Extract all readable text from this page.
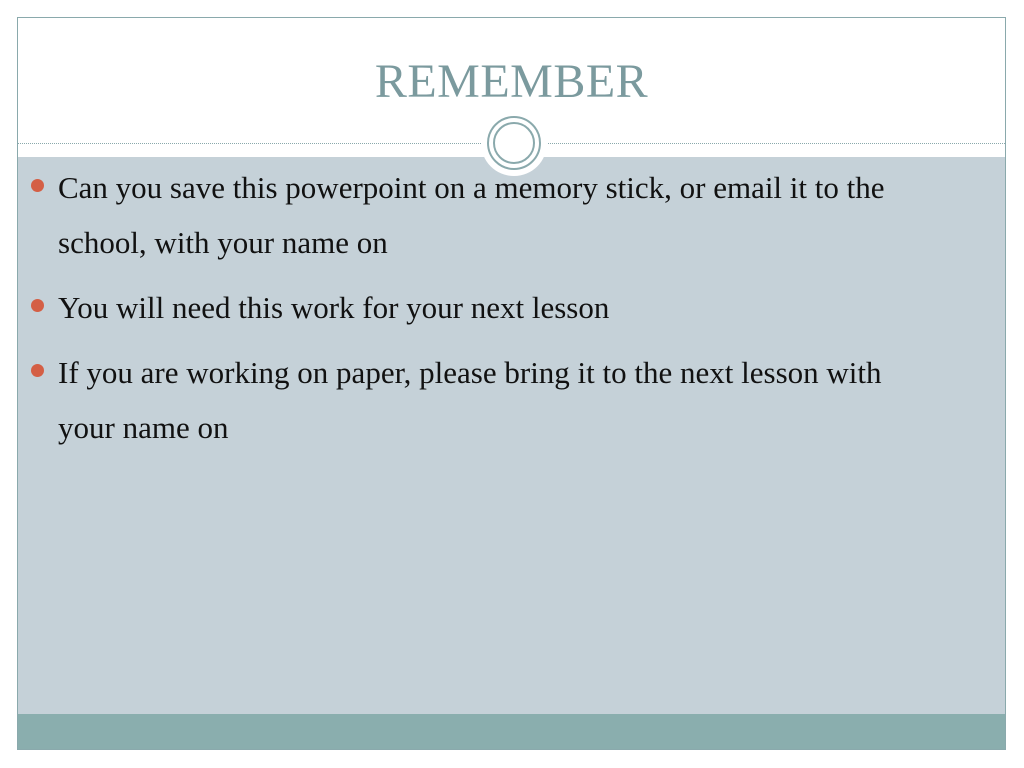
REMEMBER
Can you save this powerpoint on a memory stick, or email it to the school, with your name on
You will need this work for your next lesson
If you are working on paper, please bring it to the next lesson with your name on
